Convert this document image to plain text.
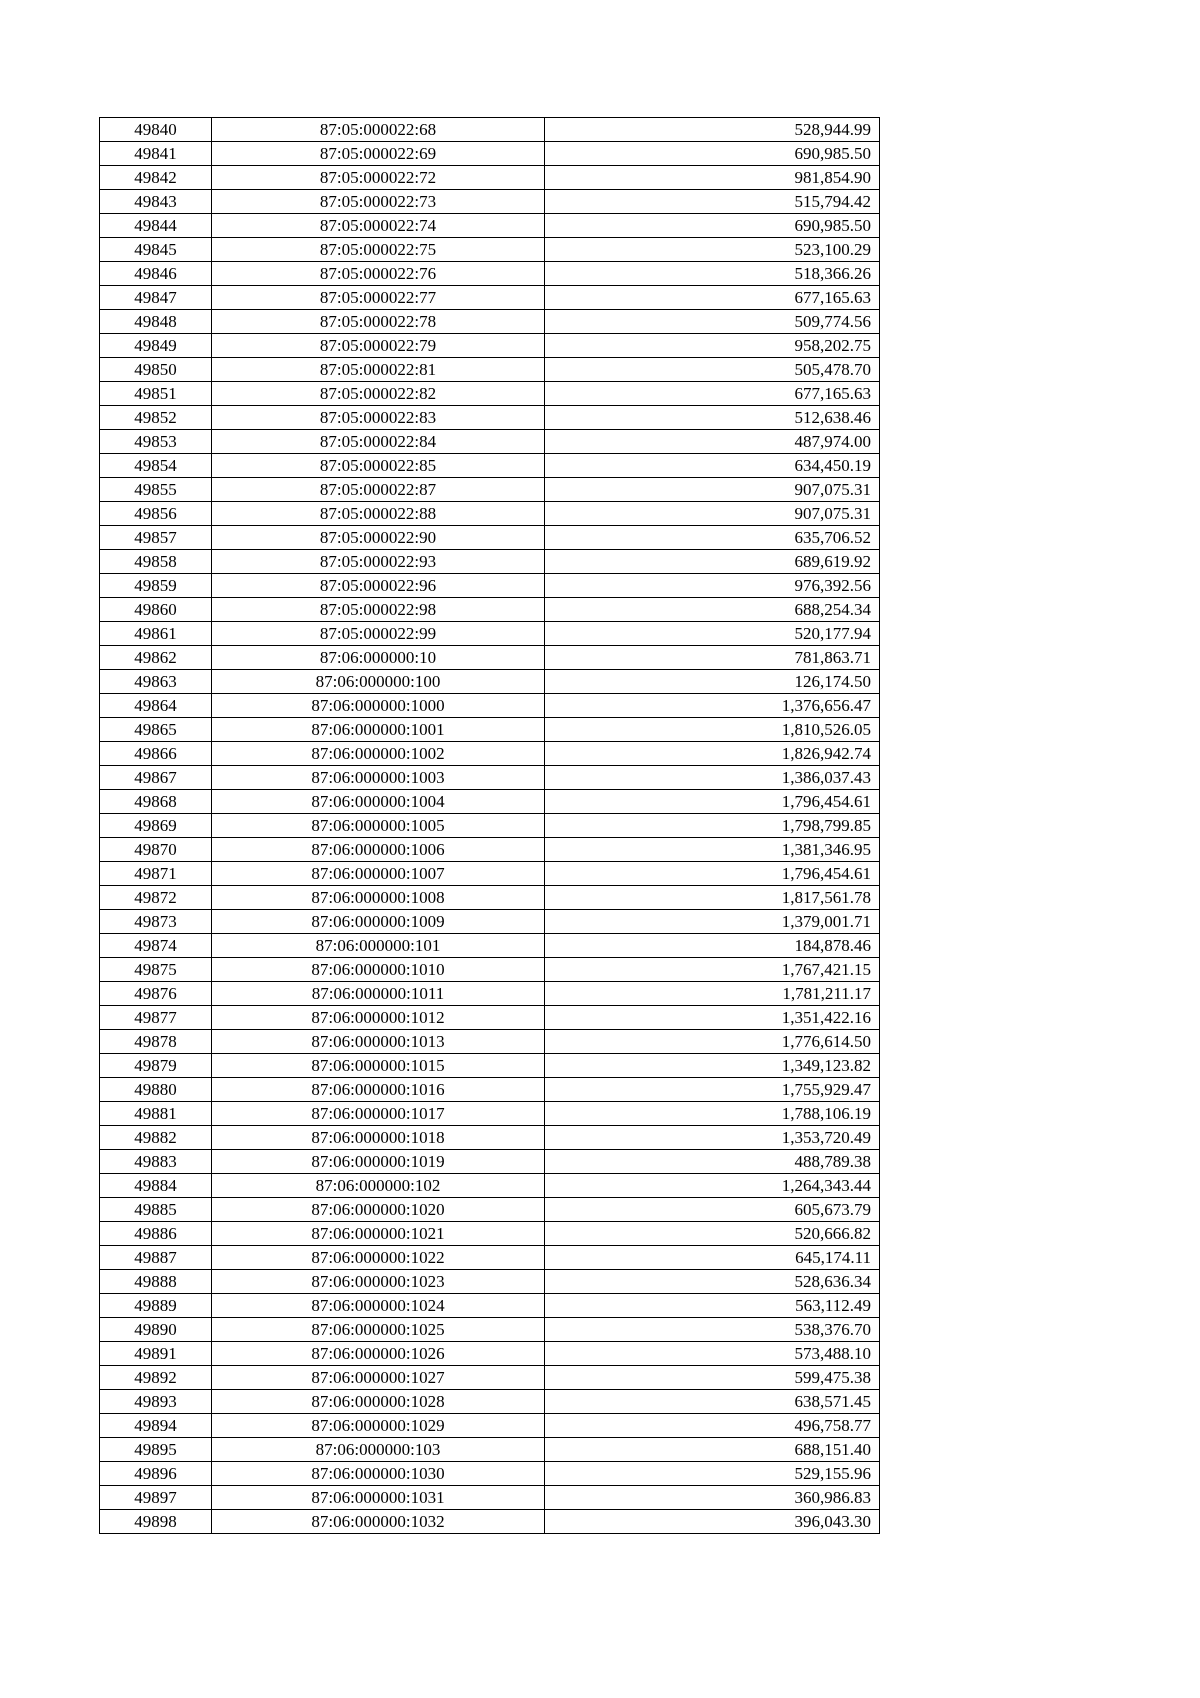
49840	87:05:000022:68	528,944.99
49841	87:05:000022:69	690,985.50
49842	87:05:000022:72	981,854.90
49843	87:05:000022:73	515,794.42
49844	87:05:000022:74	690,985.50
49845	87:05:000022:75	523,100.29
49846	87:05:000022:76	518,366.26
49847	87:05:000022:77	677,165.63
49848	87:05:000022:78	509,774.56
49849	87:05:000022:79	958,202.75
49850	87:05:000022:81	505,478.70
49851	87:05:000022:82	677,165.63
49852	87:05:000022:83	512,638.46
49853	87:05:000022:84	487,974.00
49854	87:05:000022:85	634,450.19
49855	87:05:000022:87	907,075.31
49856	87:05:000022:88	907,075.31
49857	87:05:000022:90	635,706.52
49858	87:05:000022:93	689,619.92
49859	87:05:000022:96	976,392.56
49860	87:05:000022:98	688,254.34
49861	87:05:000022:99	520,177.94
49862	87:06:000000:10	781,863.71
49863	87:06:000000:100	126,174.50
49864	87:06:000000:1000	1,376,656.47
49865	87:06:000000:1001	1,810,526.05
49866	87:06:000000:1002	1,826,942.74
49867	87:06:000000:1003	1,386,037.43
49868	87:06:000000:1004	1,796,454.61
49869	87:06:000000:1005	1,798,799.85
49870	87:06:000000:1006	1,381,346.95
49871	87:06:000000:1007	1,796,454.61
49872	87:06:000000:1008	1,817,561.78
49873	87:06:000000:1009	1,379,001.71
49874	87:06:000000:101	184,878.46
49875	87:06:000000:1010	1,767,421.15
49876	87:06:000000:1011	1,781,211.17
49877	87:06:000000:1012	1,351,422.16
49878	87:06:000000:1013	1,776,614.50
49879	87:06:000000:1015	1,349,123.82
49880	87:06:000000:1016	1,755,929.47
49881	87:06:000000:1017	1,788,106.19
49882	87:06:000000:1018	1,353,720.49
49883	87:06:000000:1019	488,789.38
49884	87:06:000000:102	1,264,343.44
49885	87:06:000000:1020	605,673.79
49886	87:06:000000:1021	520,666.82
49887	87:06:000000:1022	645,174.11
49888	87:06:000000:1023	528,636.34
49889	87:06:000000:1024	563,112.49
49890	87:06:000000:1025	538,376.70
49891	87:06:000000:1026	573,488.10
49892	87:06:000000:1027	599,475.38
49893	87:06:000000:1028	638,571.45
49894	87:06:000000:1029	496,758.77
49895	87:06:000000:103	688,151.40
49896	87:06:000000:1030	529,155.96
49897	87:06:000000:1031	360,986.83
49898	87:06:000000:1032	396,043.30
